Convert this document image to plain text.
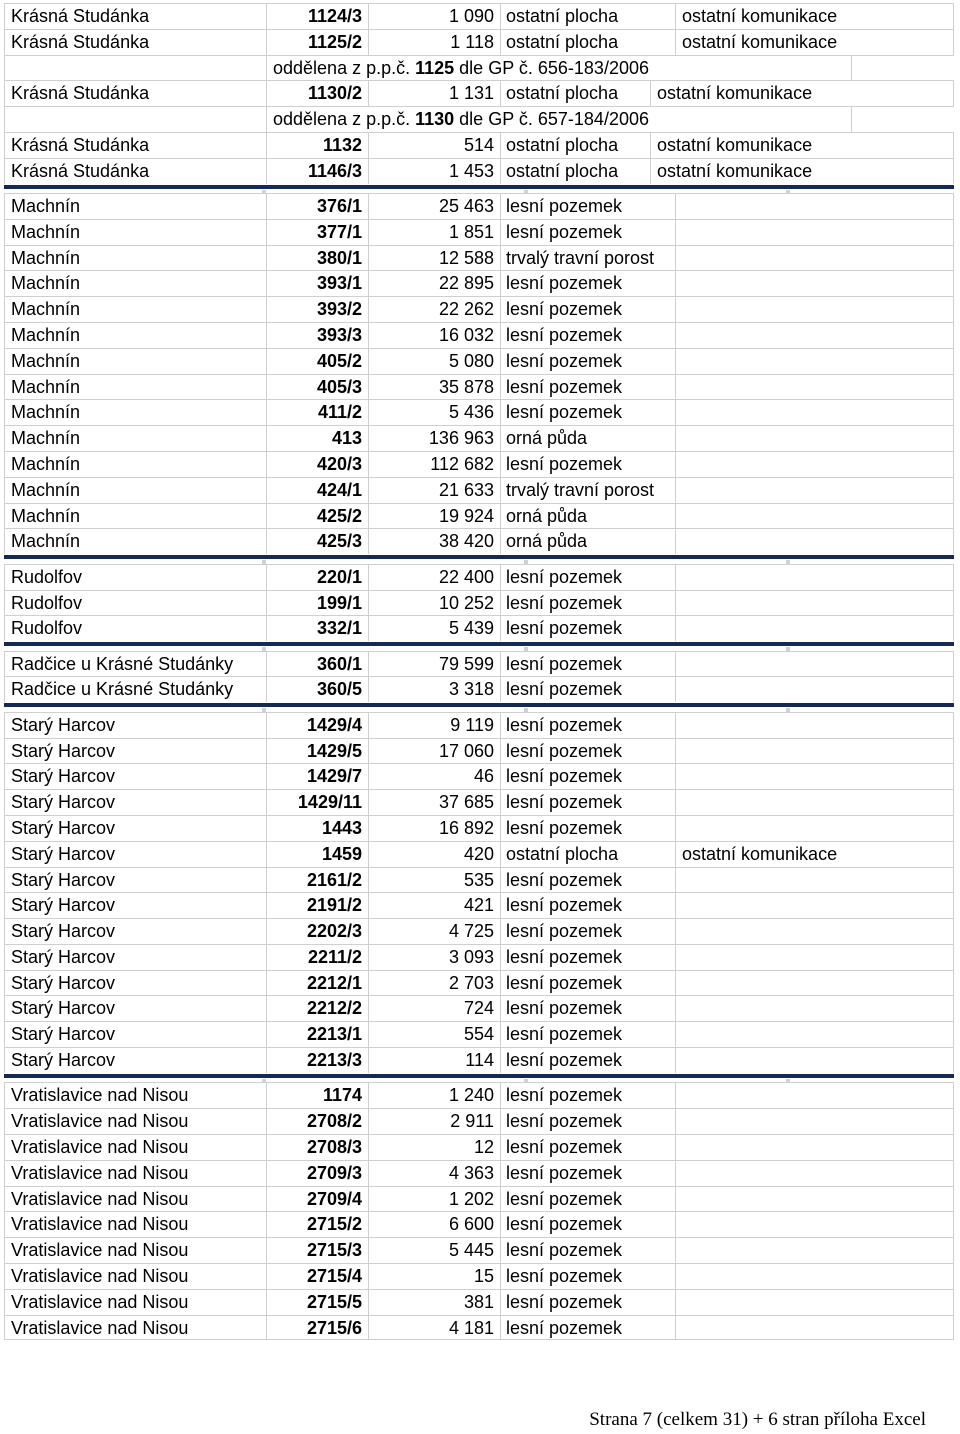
Krásná Studánka	1124/3	1 090 ostatní plocha	ostatní komunikace
Krásná Studánka	1125/2	1 118 ostatní plocha	ostatní komunikace
oddělena z p.p.č. 1125 dle GP č. 656-183/2006
Krásná Studánka	1130/2	1 131 ostatní plocha	ostatní komunikace
oddělena z p.p.č. 1130 dle GP č. 657-184/2006
Krásná Studánka	1132	514 ostatní plocha	ostatní komunikace
Krásná Studánka	1146/3	1 453 ostatní plocha	ostatní komunikace
Machnín	376/1	25 463 lesní pozemek
Machnín	377/1	1 851 lesní pozemek
Machnín	380/1	12 588 trvalý travní porost
Machnín	393/1	22 895 lesní pozemek
Machnín	393/2	22 262 lesní pozemek
Machnín	393/3	16 032 lesní pozemek
Machnín	405/2	5 080 lesní pozemek
Machnín	405/3	35 878 lesní pozemek
Machnín	411/2	5 436 lesní pozemek
Machnín	413	136 963 orná půda
Machnín	420/3	112 682 lesní pozemek
Machnín	424/1	21 633 trvalý travní porost
Machnín	425/2	19 924 orná půda
Machnín	425/3	38 420 orná půda
Rudolfov	220/1	22 400 lesní pozemek
Rudolfov	199/1	10 252 lesní pozemek
Rudolfov	332/1	5 439 lesní pozemek
Radčice u Krásné Studánky	360/1	79 599 lesní pozemek
Radčice u Krásné Studánky	360/5	3 318 lesní pozemek
Starý Harcov	1429/4	9 119 lesní pozemek
Starý Harcov	1429/5	17 060 lesní pozemek
Starý Harcov	1429/7	46 lesní pozemek
Starý Harcov	1429/11	37 685 lesní pozemek
Starý Harcov	1443	16 892 lesní pozemek
Starý Harcov	1459	420 ostatní plocha	ostatní komunikace
Starý Harcov	2161/2	535 lesní pozemek
Starý Harcov	2191/2	421 lesní pozemek
Starý Harcov	2202/3	4 725 lesní pozemek
Starý Harcov	2211/2	3 093 lesní pozemek
Starý Harcov	2212/1	2 703 lesní pozemek
Starý Harcov	2212/2	724 lesní pozemek
Starý Harcov	2213/1	554 lesní pozemek
Starý Harcov	2213/3	114 lesní pozemek
Vratislavice nad Nisou	1174	1 240 lesní pozemek
Vratislavice nad Nisou	2708/2	2 911 lesní pozemek
Vratislavice nad Nisou	2708/3	12 lesní pozemek
Vratislavice nad Nisou	2709/3	4 363 lesní pozemek
Vratislavice nad Nisou	2709/4	1 202 lesní pozemek
Vratislavice nad Nisou	2715/2	6 600 lesní pozemek
Vratislavice nad Nisou	2715/3	5 445 lesní pozemek
Vratislavice nad Nisou	2715/4	15 lesní pozemek
Vratislavice nad Nisou	2715/5	381 lesní pozemek
Vratislavice nad Nisou	2715/6	4 181 lesní pozemek
Strana 7 (celkem 31) + 6 stran příloha Excel
